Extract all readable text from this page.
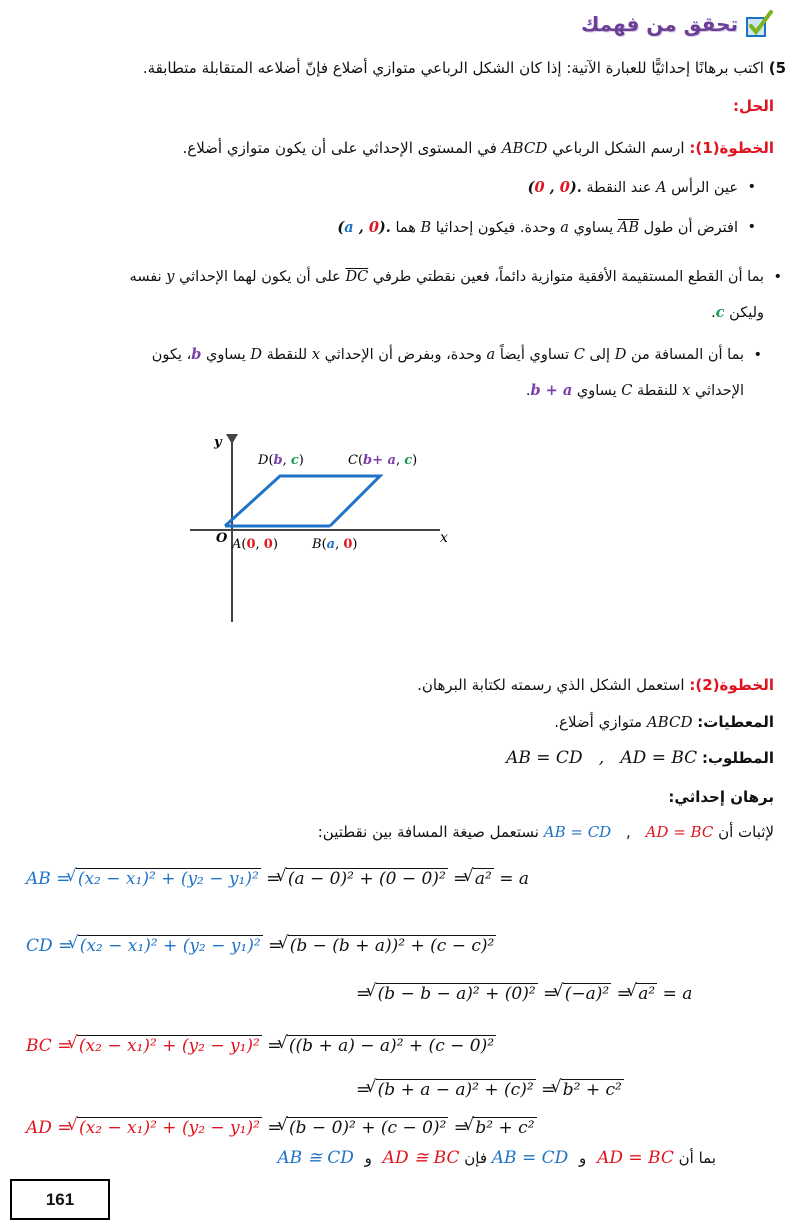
تحقق من فهمك
5) اكتب برهانًا إحداثيًّا للعبارة الآتية: إذا كان الشكل الرباعي متوازي أضلاع فإنّ أضلاعه المتقابلة متطابقة.
الحل:
الخطوة(1): ارسم الشكل الرباعي ABCD في المستوى الإحداثي على أن يكون متوازي أضلاع.
• عين الرأس A عند النقطة (0 , 0).
• افترض أن طول AB يساوي a وحدة. فيكون إحداثيا B هما (a , 0).
• بما أن القطع المستقيمة الأفقية متوازية دائماً، فعين نقطتي طرفي DC على أن يكون لهما الإحداثي y نفسه
وليكن c.
• بما أن المسافة من D إلى C تساوي أيضاً a وحدة، وبفرض أن الإحداثي x للنقطة D يساوي b، يكون
الإحداثي x للنقطة C يساوي b + a.
y
x
O A(0, 0)	B(a, 0)
D(b, c)	C(b+ a, c)
الخطوة(2): استعمل الشكل الذي رسمته لكتابة البرهان.
المعطيات: ABCD متوازي أضلاع.
المطلوب: AB = CD   ,   AD = BC
برهان إحداثي:
لإثبات أن AB = CD , AD = BC نستعمل صيغة المسافة بين نقطتين:
AB = √ (x₂ − x₁)² + (y₂ − y₁)² = √ (a − 0)² + (0 − 0)² = √ a² = a
CD = √ (x₂ − x₁)² + (y₂ − y₁)² = √ (b − (b + a))² + (c − c)²
= √ (b − b − a)² + (0)² = √ (−a)² = √ a² = a
BC = √ (x₂ − x₁)² + (y₂ − y₁)² = √ ((b + a) − a)² + (c − 0)²
= √ (b + a − a)² + (c)² = √ b² + c²
AD = √ (x₂ − x₁)² + (y₂ − y₁)² = √ (b − 0)² + (c − 0)² = √ b² + c²
بما أن AD = BC و AB = CD فإن AD ≅ BC و AB ≅ CD
161
